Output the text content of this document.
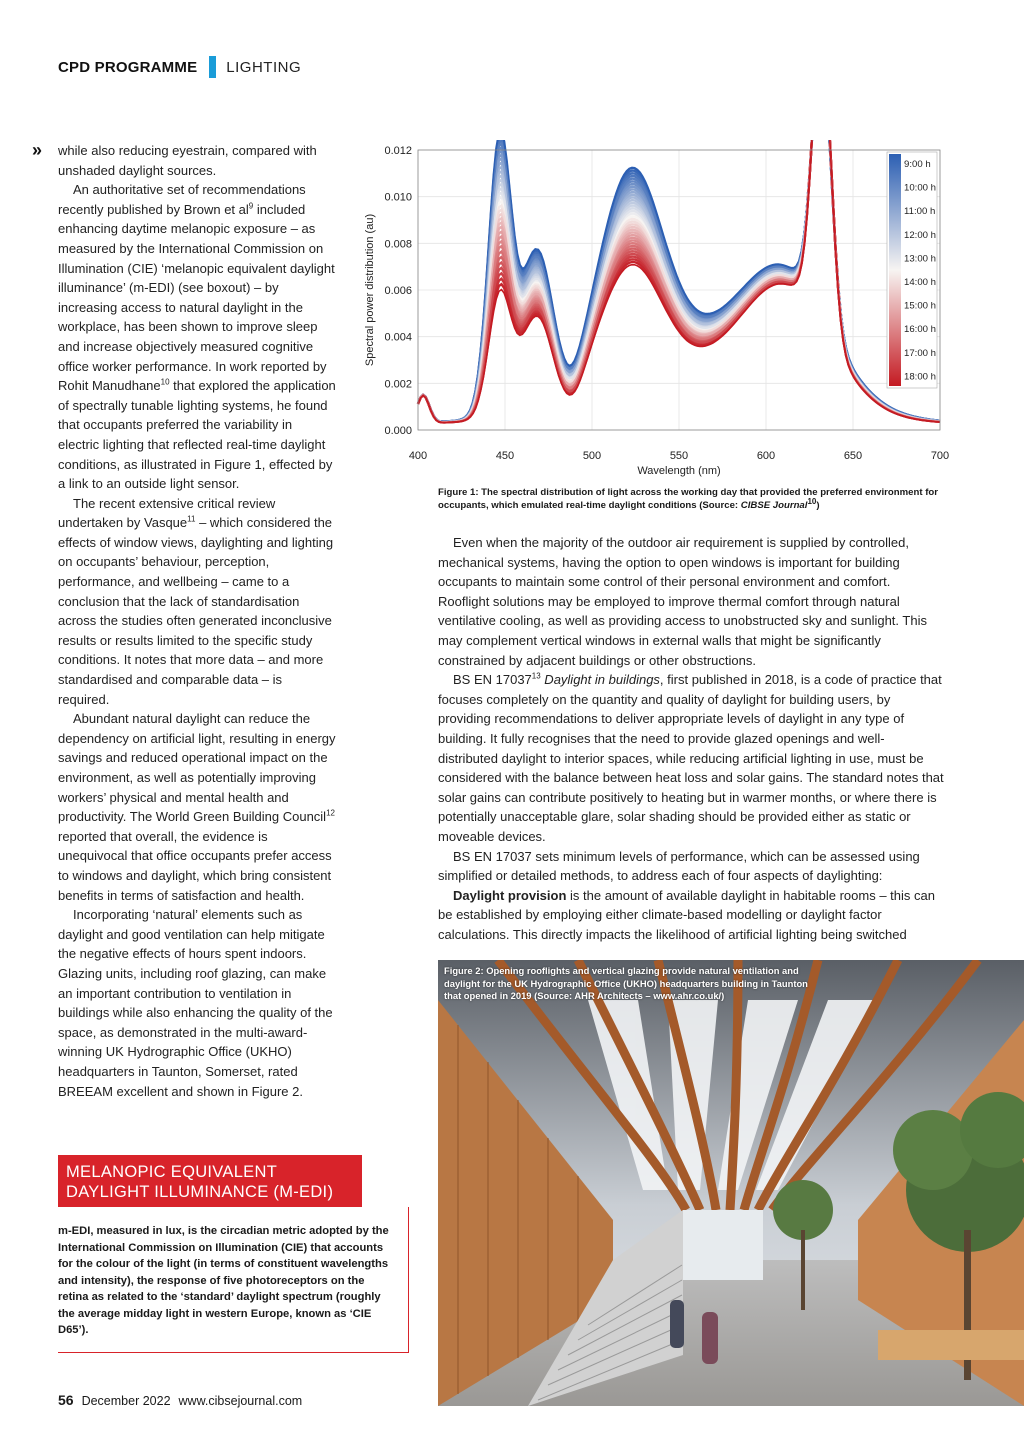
CPD PROGRAMME LIGHTING
» while also reducing eyestrain, compared with unshaded daylight sources.

An authoritative set of recommendations recently published by Brown et $al^9$ included enhancing daytime melanopic exposure – as measured by the International Commission on Illumination (CIE) ‘melanopic equivalent daylight illuminance’ (m-EDI) (see boxout) – by increasing access to natural daylight in the workplace, has been shown to improve sleep and increase objectively measured cognitive office worker performance. In work reported by Rohit Manudhane$^{10}$ that explored the application of spectrally tunable lighting systems, he found that occupants preferred the variability in electric lighting that reflected real-time daylight conditions, as illustrated in Figure 1, effected by a link to an outside light sensor.

The recent extensive critical review undertaken by Vasque$^{11}$ – which considered the effects of window views, daylighting and lighting on occupants’ behaviour, perception, performance, and wellbeing – came to a conclusion that the lack of standardisation across the studies often generated inconclusive results or results limited to the specific study conditions. It notes that more data – and more standardised and comparable data – is required.

Abundant natural daylight can reduce the dependency on artificial light, resulting in energy savings and reduced operational impact on the environment, as well as potentially improving workers’ physical and mental health and productivity. The World Green Building Council$^{12}$ reported that overall, the evidence is unequivocal that office occupants prefer access to windows and daylight, which bring consistent benefits in terms of satisfaction and health.

Incorporating ‘natural’ elements such as daylight and good ventilation can help mitigate the negative effects of hours spent indoors. Glazing units, including roof glazing, can make an important contribution to ventilation in buildings while also enhancing the quality of the space, as demonstrated in the multi-award-winning UK Hydrographic Office (UKHO) headquarters in Taunton, Somerset, rated BREEAM excellent and shown in Figure 2.

400	450	500	550	600	650	700
0.000
0.002
0.004
0.006
0.008
0.010
0.012
Spectral power distribution (au)
Wavelength (nm)
9:00 h
10:00 h
11:00 h
12:00 h
13:00 h
14:00 h
15:00 h
16:00 h
17:00 h
18:00 h
Figure 1: The spectral distribution of light across the working day that provided the preferred environment for occupants, which emulated real-time daylight conditions (Source: CIBSE Journal$^{10}$)

Even when the majority of the outdoor air requirement is supplied by controlled, mechanical systems, having the option to open windows is important for building occupants to maintain some control of their personal environment and comfort. Rooflight solutions may be employed to improve thermal comfort through natural ventilative cooling, as well as providing access to unobstructed sky and sunlight. This may complement vertical windows in external walls that might be significantly constrained by adjacent buildings or other obstructions.

BS EN 17037$^{13}$ Daylight in buildings, first published in 2018, is a code of practice that focuses completely on the quantity and quality of daylight for building users, by providing recommendations to deliver appropriate levels of daylight in any type of building. It fully recognises that the need to provide glazed openings and well-distributed daylight to interior spaces, while reducing artificial lighting in use, must be considered with the balance between heat loss and solar gains. The standard notes that solar gains can contribute positively to heating but in warmer months, or where there is potentially unacceptable glare, solar shading should be provided either as static or moveable devices.

BS EN 17037 sets minimum levels of performance, which can be assessed using simplified or detailed methods, to address each of four aspects of daylighting:

Daylight provision is the amount of available daylight in habitable rooms – this can be established by employing either climate-based modelling or daylight factor calculations. This directly impacts the likelihood of artificial lighting being switched

Figure 2: Opening rooflights and vertical glazing provide natural ventilation and daylight for the UK Hydrographic Office (UKHO) headquarters building in Taunton that opened in 2019 (Source: AHR Architects – www.ahr.co.uk/)
MELANOPIC EQUIVALENT
DAYLIGHT ILLUMINANCE (M-EDI)
m-EDI, measured in lux, is the circadian metric adopted by the International Commission on Illumination (CIE) that accounts for the colour of the light (in terms of constituent wavelengths and intensity), the response of five photoreceptors on the retina as related to the ‘standard’ daylight spectrum (roughly the average midday light in western Europe, known as ‘CIE D65’).
56 December 2022 www.cibsejournal.com
